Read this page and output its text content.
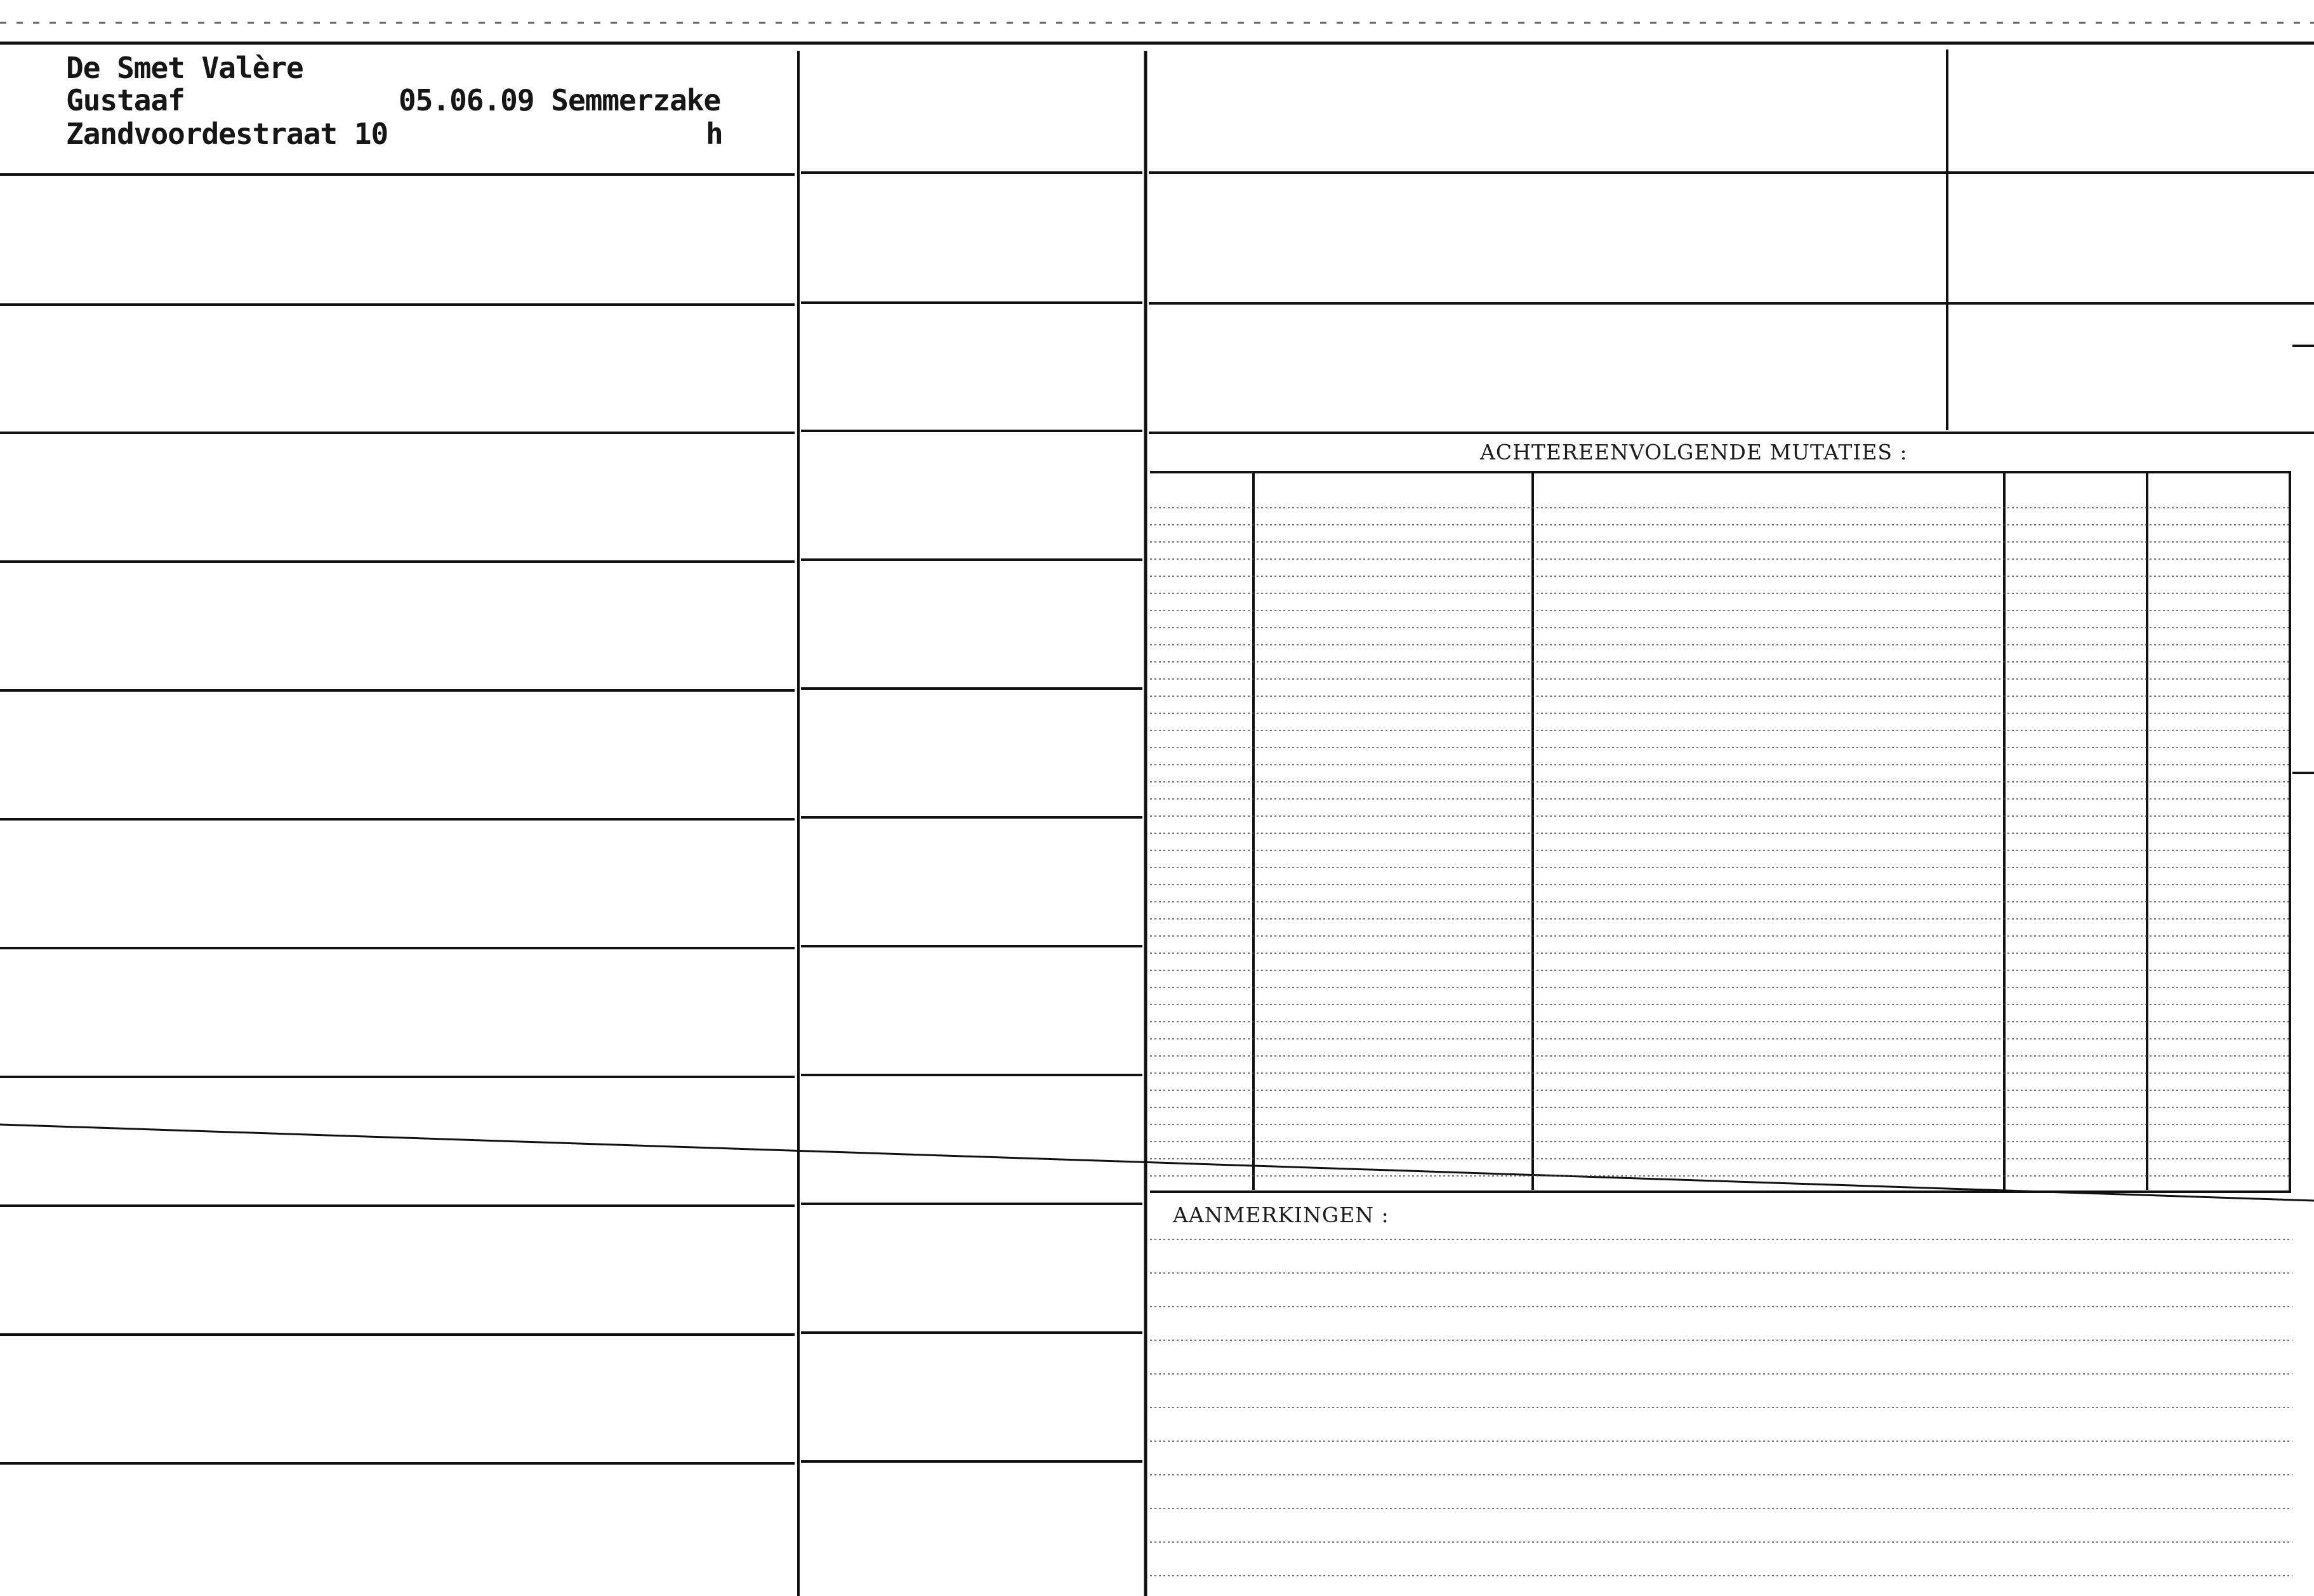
De Smet Valère
Gustaaf	05.06.09 Semmerzake
Zandvoordestraat 10	h
ACHTEREENVOLGENDE MUTATIES :
AANMERKINGEN :
